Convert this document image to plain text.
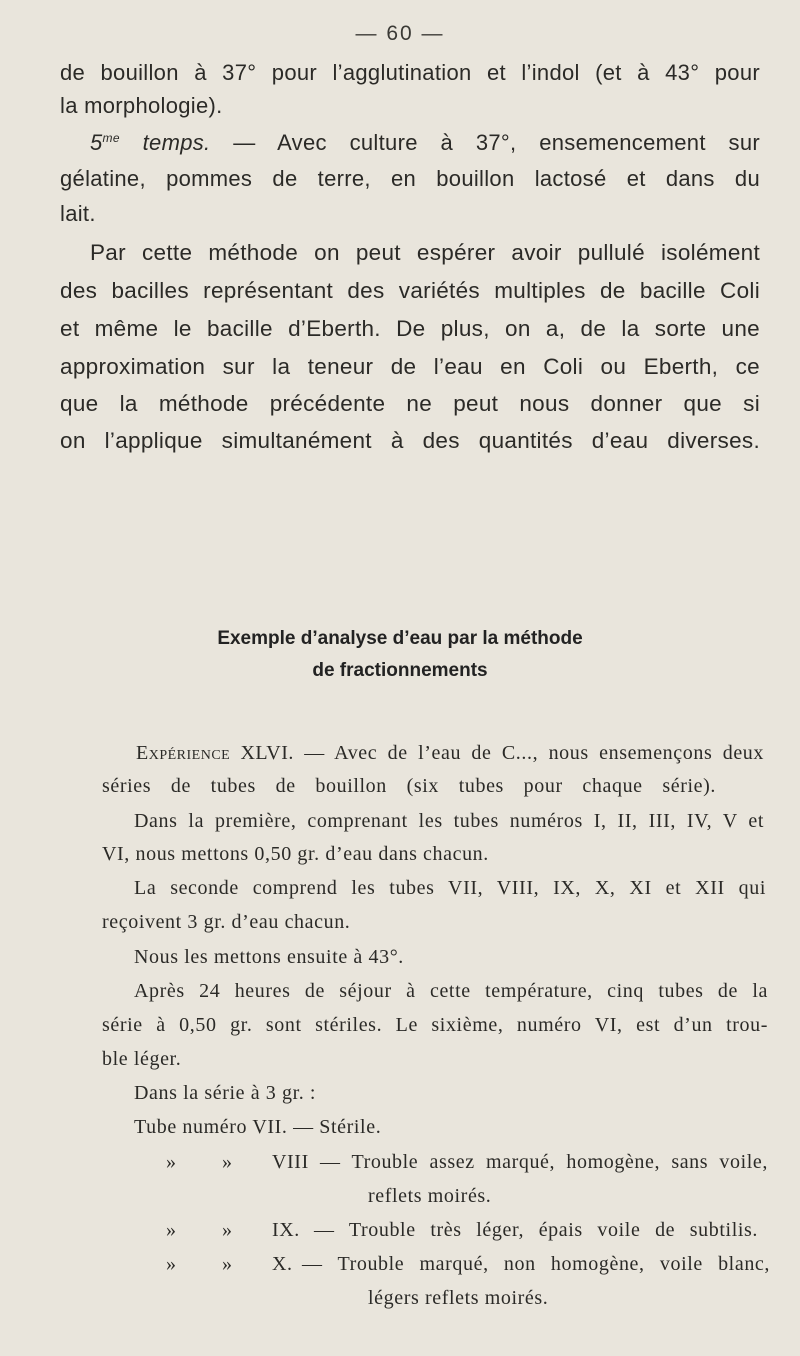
— 60 —
de bouillon à 37° pour l’agglutination et l’indol (et à 43° pour
la morphologie).
$5^{me}$ temps. — Avec culture à 37°, ensemencement sur
gélatine, pommes de terre, en bouillon lactosé et dans du
lait.
Par cette méthode on peut espérer avoir pullulé isolément
des bacilles représentant des variétés multiples de bacille Coli
et même le bacille d’Eberth. De plus, on a, de la sorte une
approximation sur la teneur de l’eau en Coli ou Eberth, ce
que la méthode précédente ne peut nous donner que si
on l’applique simultanément à des quantités d’eau diverses.
Exemple d’analyse d’eau par la méthode
de fractionnements
Expérience XLVI. — Avec de l’eau de C..., nous ensemençons deux
séries de tubes de bouillon (six tubes pour chaque série).
Dans la première, comprenant les tubes numéros I, II, III, IV, V et
VI, nous mettons 0,50 gr. d’eau dans chacun.
La seconde comprend les tubes VII, VIII, IX, X, XI et XII qui
reçoivent 3 gr. d’eau chacun.
Nous les mettons ensuite à 43°.
Après 24 heures de séjour à cette température, cinq tubes de la
série à 0,50 gr. sont stériles. Le sixième, numéro VI, est d’un trou-
ble léger.
Dans la série à 3 gr. :
Tube numéro VII. — Stérile.
» » VIII — Trouble assez marqué, homogène, sans voile,
reflets moirés.
» » IX. — Trouble très léger, épais voile de subtilis.
» » X. — Trouble marqué, non homogène, voile blanc,
légers reflets moirés.
